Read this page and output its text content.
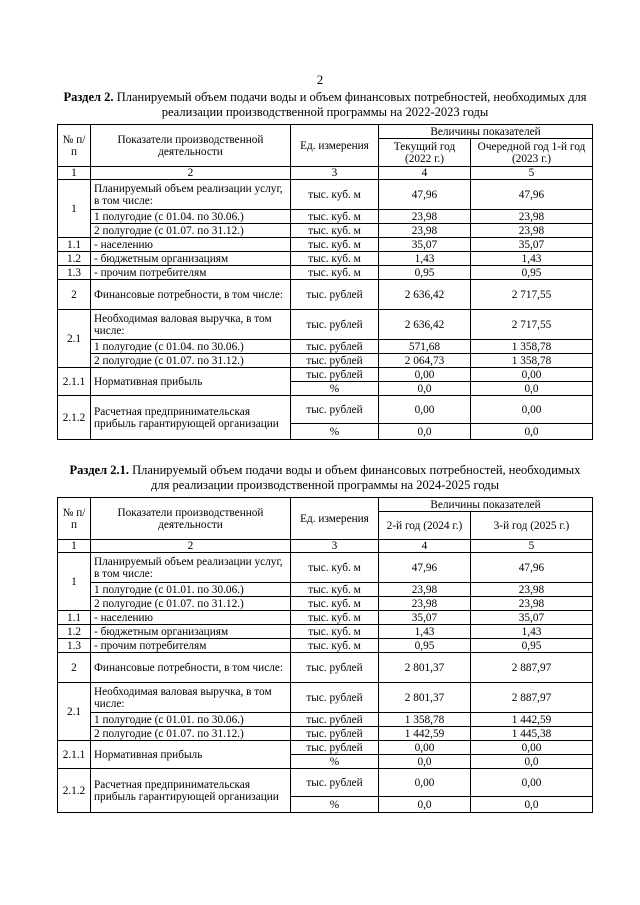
2
Раздел 2. Планируемый объем подачи воды и объем финансовых потребностей, необходимых для реализации производственной программы на 2022-2023 годы
№ п/п	Показатели производственной деятельности	Ед. измерения	Величины показателей	
			Текущий год (2022 г.)	Очередной год 1-й год (2023 г.)
1	2	3	4	5
1	Планируемый объем реализации услуг, в том числе:	тыс. куб. м	47,96	47,96
	1 полугодие (с 01.04. по 30.06.)	тыс. куб. м	23,98	23,98
	2 полугодие (с 01.07. по 31.12.)	тыс. куб. м	23,98	23,98
1.1	- населению	тыс. куб. м	35,07	35,07
1.2	- бюджетным организациям	тыс. куб. м	1,43	1,43
1.3	- прочим потребителям	тыс. куб. м	0,95	0,95
2	Финансовые потребности, в том числе:	тыс. рублей	2 636,42	2 717,55
2.1	Необходимая валовая выручка, в том числе:	тыс. рублей	2 636,42	2 717,55
	1 полугодие (с 01.04. по 30.06.)	тыс. рублей	571,68	1 358,78
	2 полугодие (с 01.07. по 31.12.)	тыс. рублей	2 064,73	1 358,78
2.1.1	Нормативная прибыль	тыс. рублей	0,00	0,00
		%	0,0	0,0
2.1.2	Расчетная предпринимательская прибыль гарантирующей организации	тыс. рублей	0,00	0,00
		%	0,0	0,0
Раздел 2.1. Планируемый объем подачи воды и объем финансовых потребностей, необходимых для реализации производственной программы на 2024-2025 годы
№ п/п	Показатели производственной деятельности	Ед. измерения	Величины показателей	
			2-й год (2024 г.)	3-й год (2025 г.)
1	2	3	4	5
1	Планируемый объем реализации услуг, в том числе:	тыс. куб. м	47,96	47,96
	1 полугодие (с 01.01. по 30.06.)	тыс. куб. м	23,98	23,98
	2 полугодие (с 01.07. по 31.12.)	тыс. куб. м	23,98	23,98
1.1	- населению	тыс. куб. м	35,07	35,07
1.2	- бюджетным организациям	тыс. куб. м	1,43	1,43
1.3	- прочим потребителям	тыс. куб. м	0,95	0,95
2	Финансовые потребности, в том числе:	тыс. рублей	2 801,37	2 887,97
2.1	Необходимая валовая выручка, в том числе:	тыс. рублей	2 801,37	2 887,97
	1 полугодие (с 01.01. по 30.06.)	тыс. рублей	1 358,78	1 442,59
	2 полугодие (с 01.07. по 31.12.)	тыс. рублей	1 442,59	1 445,38
2.1.1	Нормативная прибыль	тыс. рублей	0,00	0,00
		%	0,0	0,0
2.1.2	Расчетная предпринимательская прибыль гарантирующей организации	тыс. рублей	0,00	0,00
		%	0,0	0,0
